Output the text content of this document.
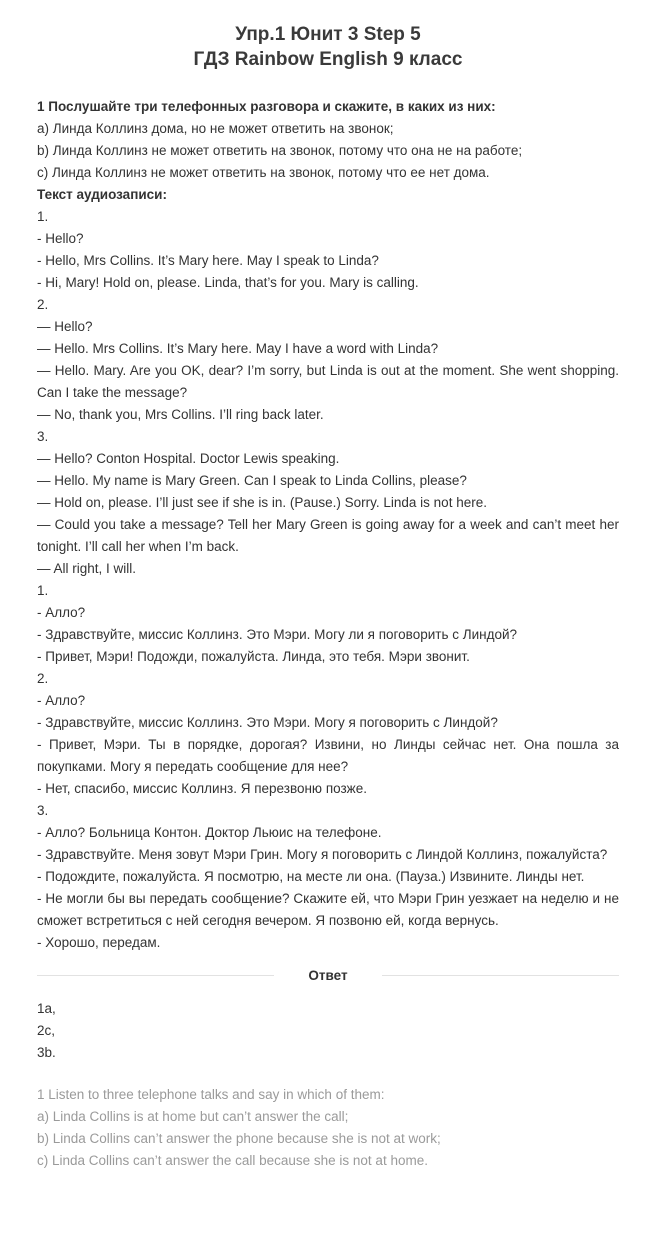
Упр.1 Юнит 3 Step 5
ГДЗ Rainbow English 9 класс
1 Послушайте три телефонных разговора и скажите, в каких из них:
a) Линда Коллинз дома, но не может ответить на звонок;
b) Линда Коллинз не может ответить на звонок, потому что она не на работе;
c) Линда Коллинз не может ответить на звонок, потому что ее нет дома.
Текст аудиозаписи:
1.
- Hello?
- Hello, Mrs Collins. It’s Mary here. May I speak to Linda?
- Hi, Mary! Hold on, please. Linda, that’s for you. Mary is calling.
2.
— Hello?
— Hello. Mrs Collins. It’s Mary here. May I have a word with Linda?
— Hello. Mary. Are you OK, dear? I’m sorry, but Linda is out at the moment. She went shopping. Can I take the message?
— No, thank you, Mrs Collins. I’ll ring back later.
3.
— Hello? Conton Hospital. Doctor Lewis speaking.
— Hello. My name is Mary Green. Can I speak to Linda Collins, please?
— Hold on, please. I’ll just see if she is in. (Pause.) Sorry. Linda is not here.
— Could you take a message? Tell her Mary Green is going away for a week and can’t meet her tonight. I’ll call her when I’m back.
— All right, I will.
1.
- Алло?
- Здравствуйте, миссис Коллинз. Это Мэри. Могу ли я поговорить с Линдой?
- Привет, Мэри! Подожди, пожалуйста. Линда, это тебя. Мэри звонит.
2.
- Алло?
- Здравствуйте, миссис Коллинз. Это Мэри. Могу я поговорить с Линдой?
- Привет, Мэри. Ты в порядке, дорогая? Извини, но Линды сейчас нет. Она пошла за покупками. Могу я передать сообщение для нее?
- Нет, спасибо, миссис Коллинз. Я перезвоню позже.
3.
- Алло? Больница Контон. Доктор Льюис на телефоне.
- Здравствуйте. Меня зовут Мэри Грин. Могу я поговорить с Линдой Коллинз, пожалуйста?
- Подождите, пожалуйста. Я посмотрю, на месте ли она. (Пауза.) Извините. Линды нет.
- Не могли бы вы передать сообщение? Скажите ей, что Мэри Грин уезжает на неделю и не сможет встретиться с ней сегодня вечером. Я позвоню ей, когда вернусь.
- Хорошо, передам.
Ответ
1a,
2c,
3b.
1 Listen to three telephone talks and say in which of them:
a) Linda Collins is at home but can’t answer the call;
b) Linda Collins can’t answer the phone because she is not at work;
c) Linda Collins can’t answer the call because she is not at home.
